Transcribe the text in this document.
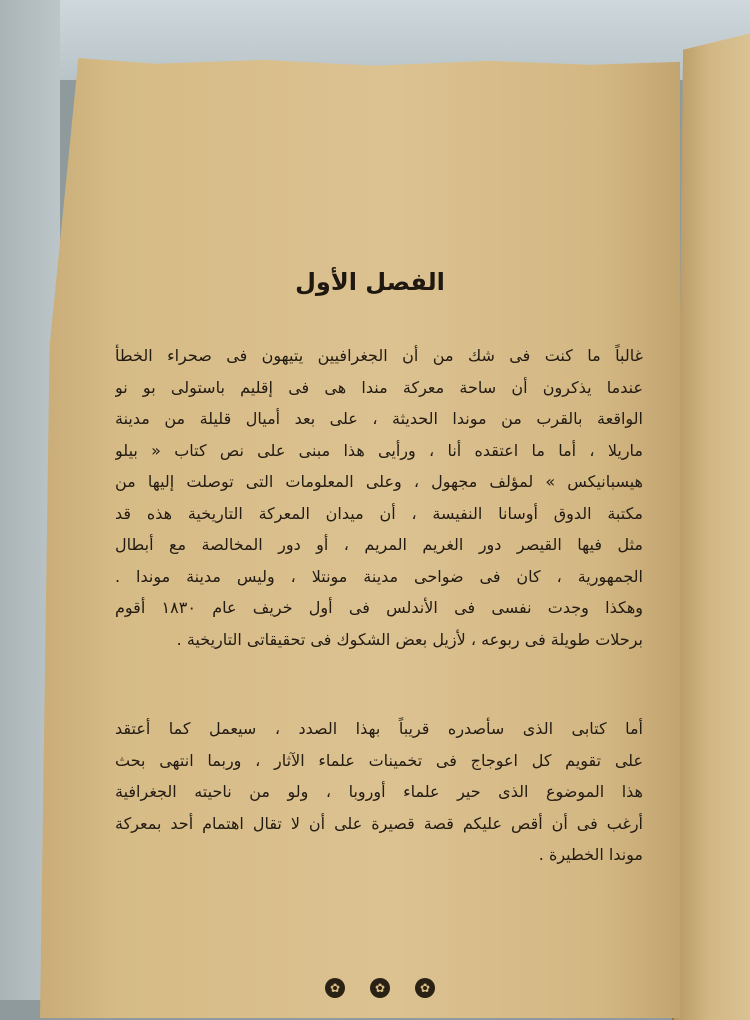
الفصل الأول
غالباً ما كنت فى شك من أن الجغرافيين يتيهون فى صحراء الخطأ
عندما يذكرون أن ساحة معركة مندا هى فى إقليم باستولى بو نو
الواقعة بالقرب من موندا الحديثة ، على بعد أميال قليلة من مدينة
ماريلا ، أما ما اعتقده أنا ، ورأيى هذا مبنى على نص كتاب « بيلو
هيسبانيكس » لمؤلف مجهول ، وعلى المعلومات التى توصلت إليها من
مكتبة الدوق أوسانا النفيسة ، أن ميدان المعركة التاريخية هذه قد
مثل فيها القيصر دور الغريم المريم ، أو دور المخالصة مع أبطال
الجمهورية ، كان فى ضواحى مدينة مونتلا ، وليس مدينة موندا .
وهكذا وجدت نفسى فى الأندلس فى أول خريف عام ١٨٣٠ أقوم
برحلات طويلة فى ربوعه ، لأزيل بعض الشكوك فى تحقيقاتى التاريخية .
أما كتابى الذى سأصدره قريباً بهذا الصدد ، سيعمل كما أعتقد
على تقويم كل اعوجاج فى تخمينات علماء الآثار ، وربما انتهى بحث
هذا الموضوع الذى حير علماء أوروبا ، ولو من ناحيته الجغرافية
أرغب فى أن أقص عليكم قصة قصيرة على أن لا تقال اهتمام أحد بمعركة
موندا الخطيرة .
✿	✿	✿
